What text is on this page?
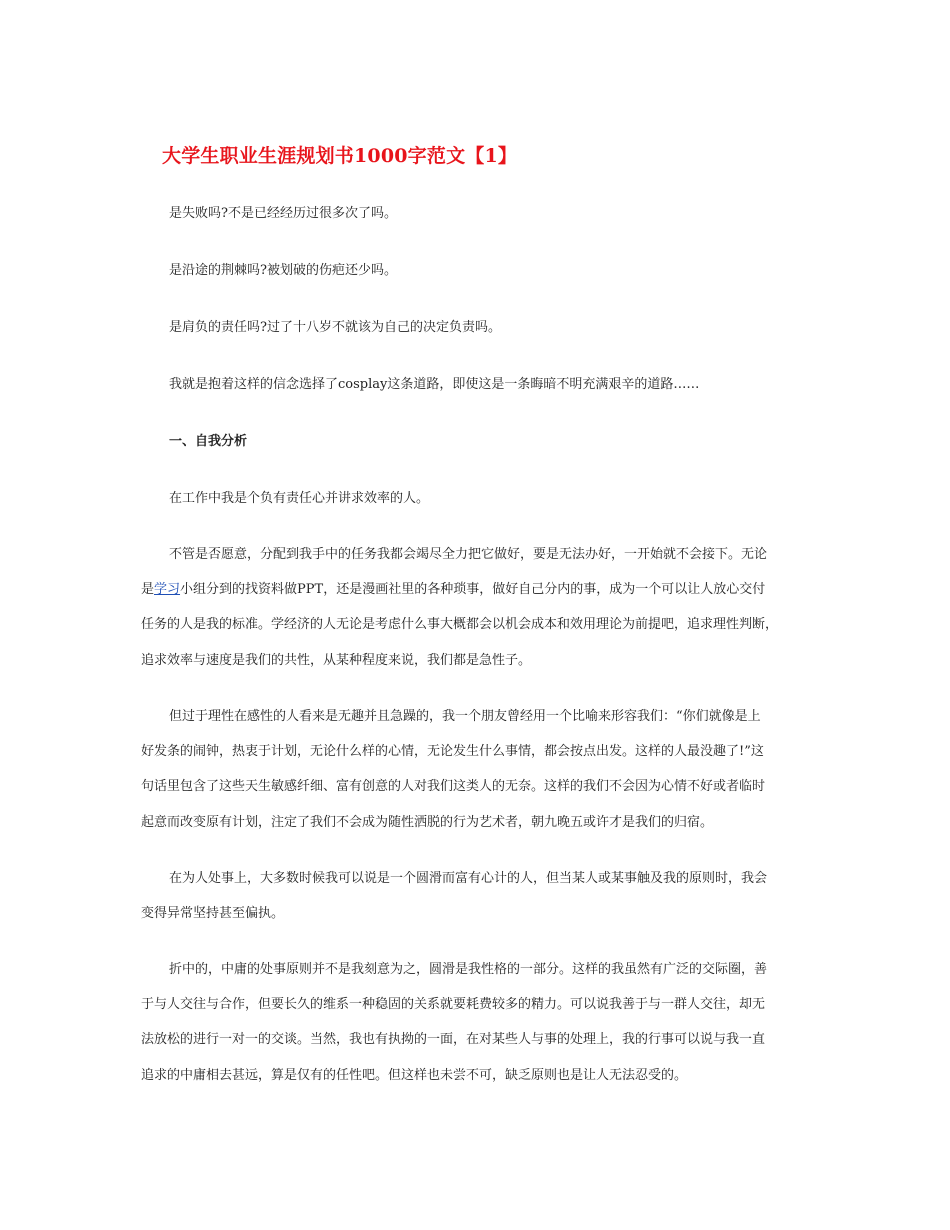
大学生职业生涯规划书1000字范文【1】
是失败吗?不是已经经历过很多次了吗。
是沿途的荆棘吗?被划破的伤疤还少吗。
是肩负的责任吗?过了十八岁不就该为自己的决定负责吗。
我就是抱着这样的信念选择了cosplay这条道路，即使这是一条晦暗不明充满艰辛的道路……
一、自我分析
在工作中我是个负有责任心并讲求效率的人。
不管是否愿意，分配到我手中的任务我都会竭尽全力把它做好，要是无法办好，一开始就不会接下。无论
是学习小组分到的找资料做PPT，还是漫画社里的各种琐事，做好自己分内的事，成为一个可以让人放心交付
任务的人是我的标准。学经济的人无论是考虑什么事大概都会以机会成本和效用理论为前提吧，追求理性判断，
追求效率与速度是我们的共性，从某种程度来说，我们都是急性子。
但过于理性在感性的人看来是无趣并且急躁的，我一个朋友曾经用一个比喻来形容我们：“你们就像是上
好发条的闹钟，热衷于计划，无论什么样的心情，无论发生什么事情，都会按点出发。这样的人最没趣了!”这
句话里包含了这些天生敏感纤细、富有创意的人对我们这类人的无奈。这样的我们不会因为心情不好或者临时
起意而改变原有计划，注定了我们不会成为随性洒脱的行为艺术者，朝九晚五或许才是我们的归宿。
在为人处事上，大多数时候我可以说是一个圆滑而富有心计的人，但当某人或某事触及我的原则时，我会
变得异常坚持甚至偏执。
折中的，中庸的处事原则并不是我刻意为之，圆滑是我性格的一部分。这样的我虽然有广泛的交际圈，善
于与人交往与合作，但要长久的维系一种稳固的关系就要耗费较多的精力。可以说我善于与一群人交往，却无
法放松的进行一对一的交谈。当然，我也有执拗的一面，在对某些人与事的处理上，我的行事可以说与我一直
追求的中庸相去甚远，算是仅有的任性吧。但这样也未尝不可，缺乏原则也是让人无法忍受的。
